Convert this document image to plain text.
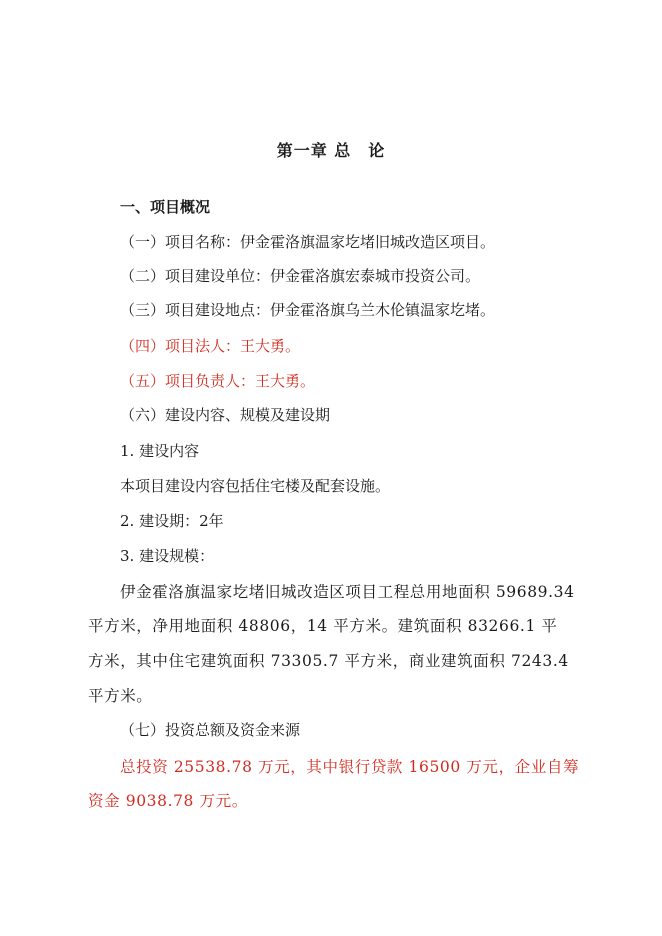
第一章 总　论
一、项目概况
（一）项目名称：伊金霍洛旗温家圪堵旧城改造区项目。
（二）项目建设单位：伊金霍洛旗宏泰城市投资公司。
（三）项目建设地点：伊金霍洛旗乌兰木伦镇温家圪堵。
（四）项目法人：王大勇。
（五）项目负责人：王大勇。
（六）建设内容、规模及建设期
1. 建设内容
本项目建设内容包括住宅楼及配套设施。
2. 建设期：2年
3. 建设规模：
伊金霍洛旗温家圪堵旧城改造区项目工程总用地面积 59689.34
平方米，净用地面积 48806，14 平方米。建筑面积 83266.1 平
方米，其中住宅建筑面积 73305.7 平方米，商业建筑面积 7243.4
平方米。
（七）投资总额及资金来源
总投资 25538.78 万元，其中银行贷款 16500 万元，企业自筹
资金 9038.78 万元。
